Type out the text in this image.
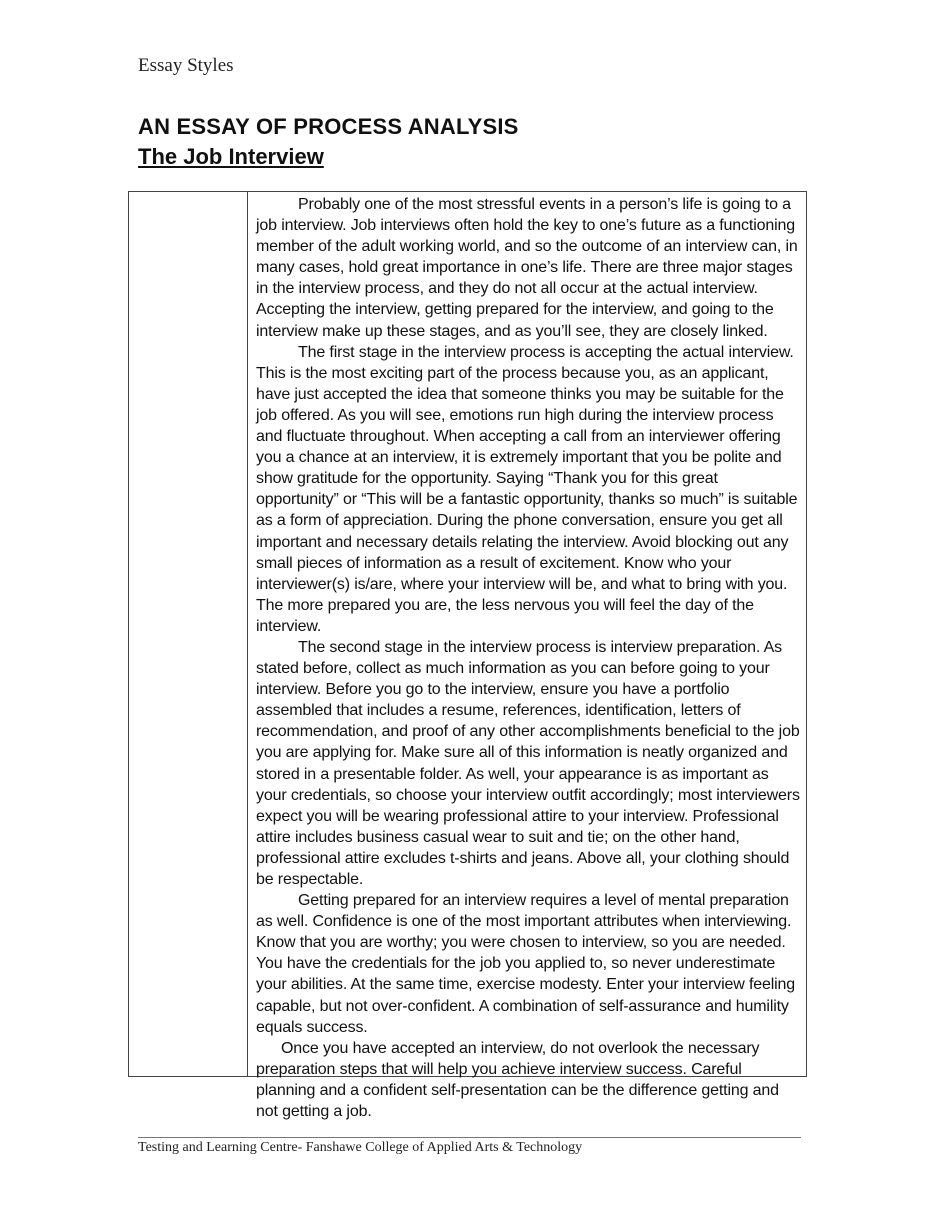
Essay Styles
AN ESSAY OF PROCESS ANALYSIS
The Job Interview

Probably one of the most stressful events in a person’s life is going to a job interview. Job interviews often hold the key to one’s future as a functioning member of the adult working world, and so the outcome of an interview can, in many cases, hold great importance in one’s life. There are three major stages in the interview process, and they do not all occur at the actual interview. Accepting the interview, getting prepared for the interview, and going to the interview make up these stages, and as you’ll see, they are closely linked.

The first stage in the interview process is accepting the actual interview. This is the most exciting part of the process because you, as an applicant, have just accepted the idea that someone thinks you may be suitable for the job offered. As you will see, emotions run high during the interview process and fluctuate throughout. When accepting a call from an interviewer offering you a chance at an interview, it is extremely important that you be polite and show gratitude for the opportunity. Saying “Thank you for this great opportunity” or “This will be a fantastic opportunity, thanks so much” is suitable as a form of appreciation. During the phone conversation, ensure you get all important and necessary details relating the interview. Avoid blocking out any small pieces of information as a result of excitement. Know who your interviewer(s) is/are, where your interview will be, and what to bring with you. The more prepared you are, the less nervous you will feel the day of the interview.

The second stage in the interview process is interview preparation. As stated before, collect as much information as you can before going to your interview. Before you go to the interview, ensure you have a portfolio assembled that includes a resume, references, identification, letters of recommendation, and proof of any other accomplishments beneficial to the job you are applying for. Make sure all of this information is neatly organized and stored in a presentable folder. As well, your appearance is as important as your credentials, so choose your interview outfit accordingly; most interviewers expect you will be wearing professional attire to your interview. Professional attire includes business casual wear to suit and tie; on the other hand, professional attire excludes t-shirts and jeans. Above all, your clothing should be respectable.

Getting prepared for an interview requires a level of mental preparation as well. Confidence is one of the most important attributes when interviewing. Know that you are worthy; you were chosen to interview, so you are needed. You have the credentials for the job you applied to, so never underestimate your abilities. At the same time, exercise modesty. Enter your interview feeling capable, but not over-confident. A combination of self-assurance and humility equals success.

Once you have accepted an interview, do not overlook the necessary preparation steps that will help you achieve interview success. Careful planning and a confident self-presentation can be the difference getting and not getting a job.

Testing and Learning Centre- Fanshawe College of Applied Arts & Technology
